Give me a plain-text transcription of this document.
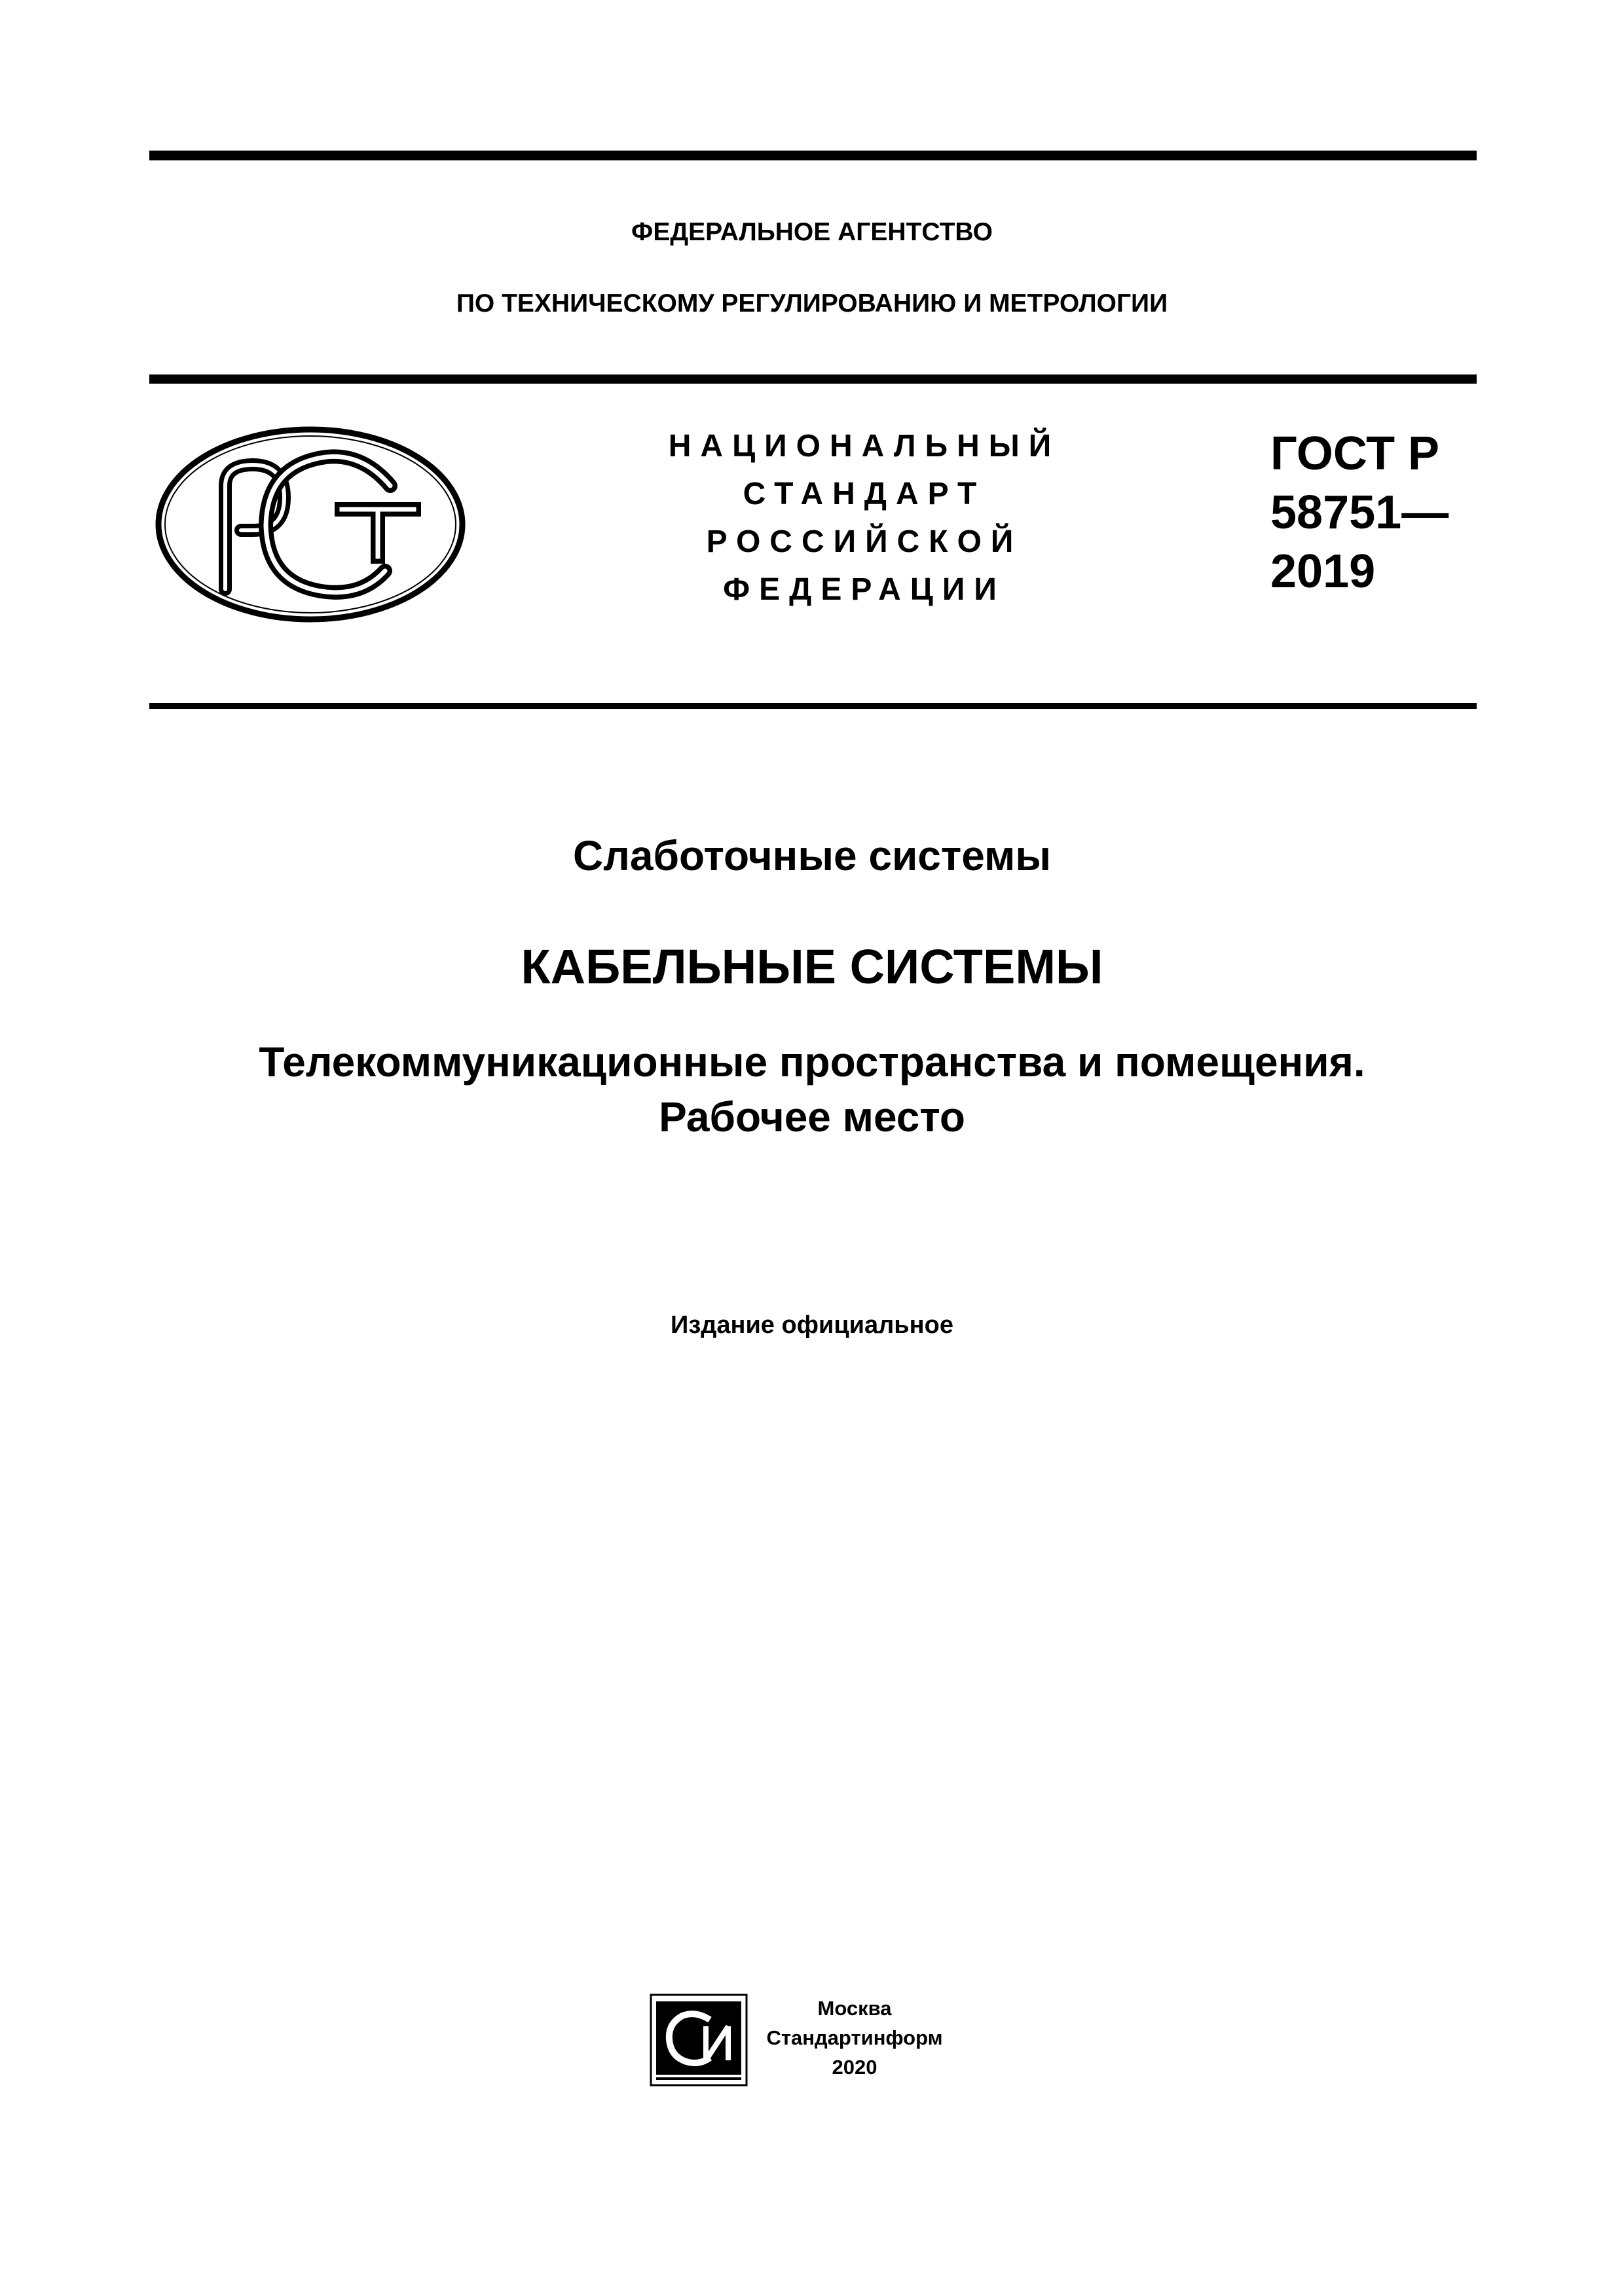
ФЕДЕРАЛЬНОЕ АГЕНТСТВО
ПО ТЕХНИЧЕСКОМУ РЕГУЛИРОВАНИЮ И МЕТРОЛОГИИ
НАЦИОНАЛЬНЫЙ
СТАНДАРТ
РОССИЙСКОЙ
ФЕДЕРАЦИИ
ГОСТ Р
58751—
2019
Слаботочные системы
КАБЕЛЬНЫЕ СИСТЕМЫ
Телекоммуникационные пространства и помещения.
Рабочее место
Издание официальное
Москва
Стандартинформ
2020
